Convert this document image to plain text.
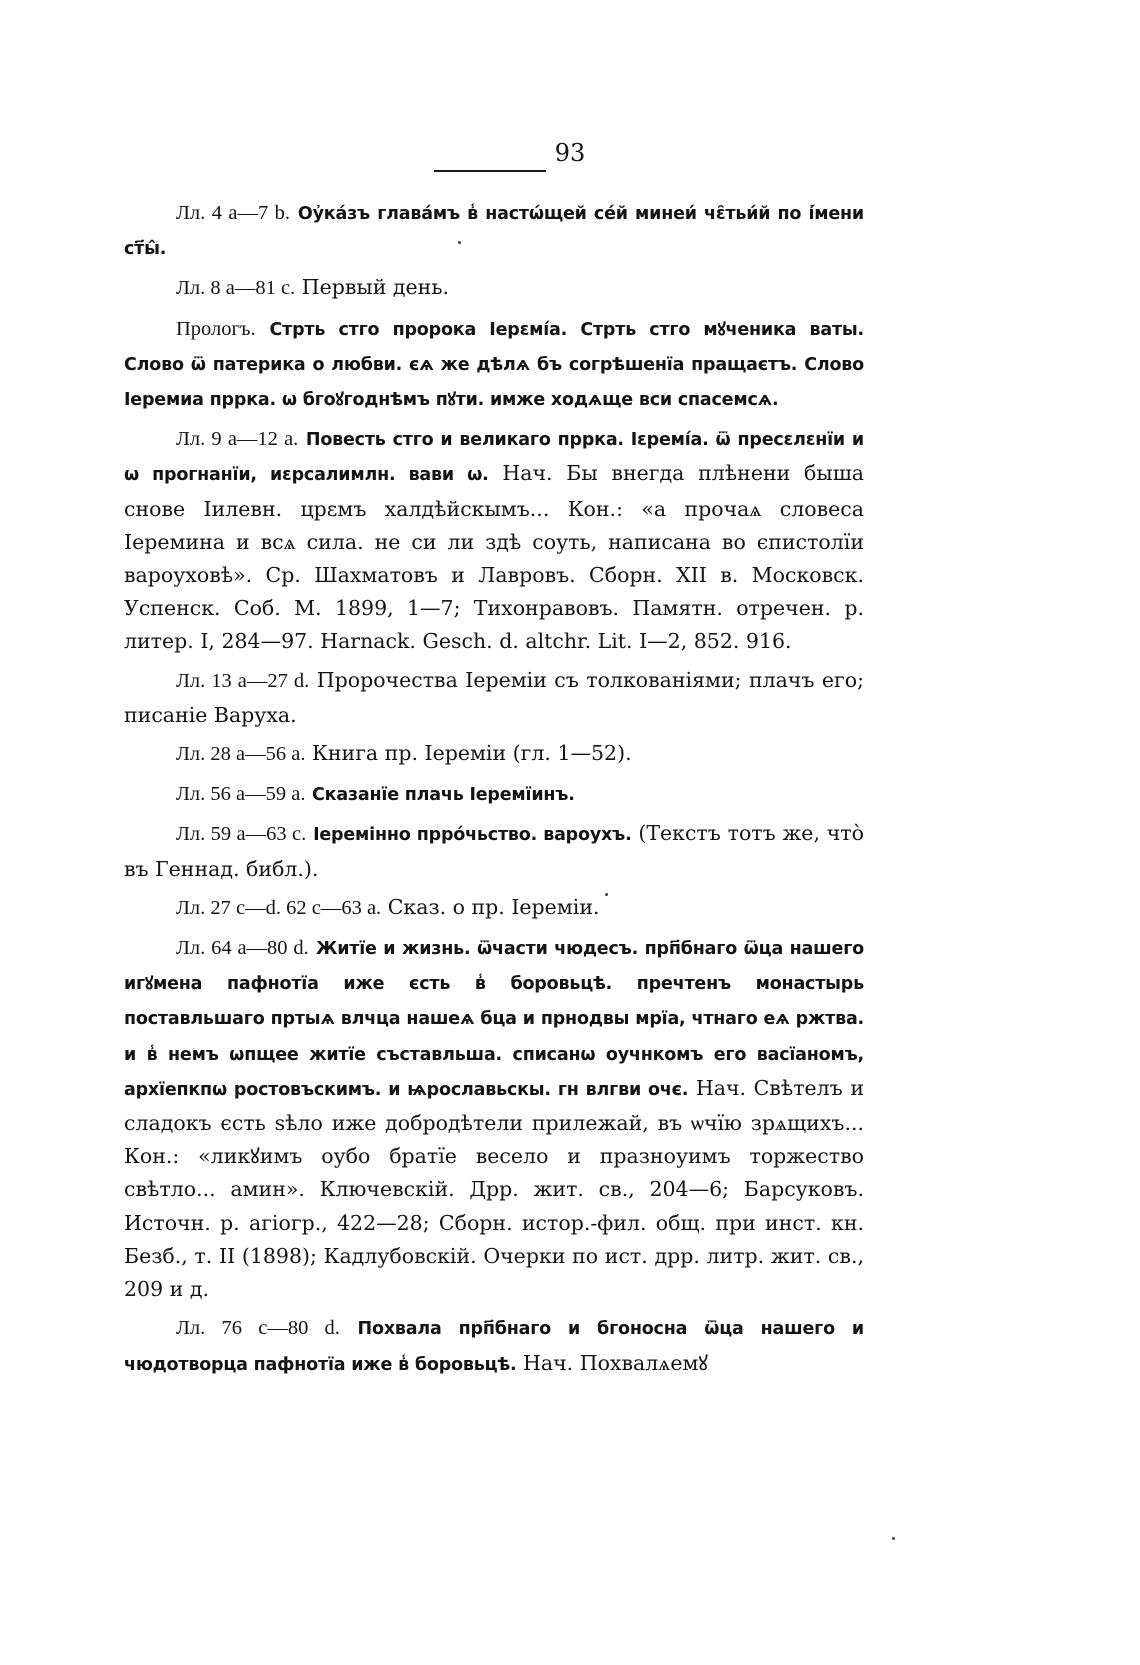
93

Лл. 4 a—7 b. Оу҆ка́зъ глава́мъ в̾ настѡ́щей се́й минеи́ чε̑тьи́й по і҆́мени ст҃ы̂.

Лл. 8 a—81 c. Первый день.

Прологъ. Стрть стго пророка Іерεмі́а. Стрть стго мꙋченика ваты. Слово ѿ патерика о любви. єѧ же дѣлѧ бъ согрѣшенїа пращаєтъ. Слово Іеремиа прркa. ѡ бгоꙋгоднѣмъ пꙋти. имже ходѧще вси спасемсѧ.

Лл. 9 a—12 a. Повесть стго и великаго пррка. Іεремі́а. ѿ пресεлεнїи и ѡ прогнанїи, иεрсалимлн. вави ѡ. Нач. Бы внегда плѣнени быша снове Іилевн. црεмъ халдѣйскымъ... Кон.: «а прочаѧ словеса Іеремина и всѧ сила. не си ли здѣ соуть, написана во єпистолїи вароуховѣ». Ср. Шахматовъ и Лавровъ. Сборн. XII в. Московск. Успенск. Соб. М. 1899, 1—7; Тихонравовъ. Памятн. отречен. р. литер. I, 284—97. Harnack. Gesch. d. altchr. Lit. I—2, 852. 916.

Лл. 13 a—27 d. Пророчества Іереміи съ толкованіями; плачъ его; писаніе Варуха.

Лл. 28 a—56 a. Книга пр. Іереміи (гл. 1—52).

Лл. 56 a—59 a. Сказанїе плачь Іеремїинъ.

Лл. 59 a—63 c. Іеремінно прро́чьство. вароухъ. (Текстъ тотъ же, что̀ въ Геннад. библ.).

Лл. 27 c—d. 62 c—63 a. Сказ. о пр. Іереміи.

Лл. 64 a—80 d. Житїе и жизнь. ѿчасти чюдесъ. прп҃бнаго ѿца нашего игꙋмена пафнотїа иже єсть в̾ боровьцѣ. пречтенъ монастырь поставльшаго пртыѧ влчца нашеѧ бца и прнодвы мрїа, чтнаго еѧ ржтва. и в̾ немъ ѡпщее житїе съставльша. списанѡ оучнкомъ его васїаномъ, архїепкпѡ ростовъскимъ. и ѩрославьскы. гн влгви очє. Нач. Свѣтелъ и сладокъ єсть ѕѣло иже добродѣтели прилежай, въ ѡчїю зрѧщихъ... Кон.: «ликꙋимъ оубо братїе весело и празноуимъ торжество свѣтло... амин». Ключевскій. Дрр. жит. св., 204—6; Барсуковъ. Источн. р. агіогр., 422—28; Сборн. истор.-фил. общ. при инст. кн. Безб., т. II (1898); Кадлубовскій. Очерки по ист. дрр. литр. жит. св., 209 и д.

Лл. 76 c—80 d. Похвала прп҃бнаго и бгоносна ѿца нашего и чюдотворца пафнотїа иже в̾ боровьцѣ. Нач. Похвалѧемꙋ
